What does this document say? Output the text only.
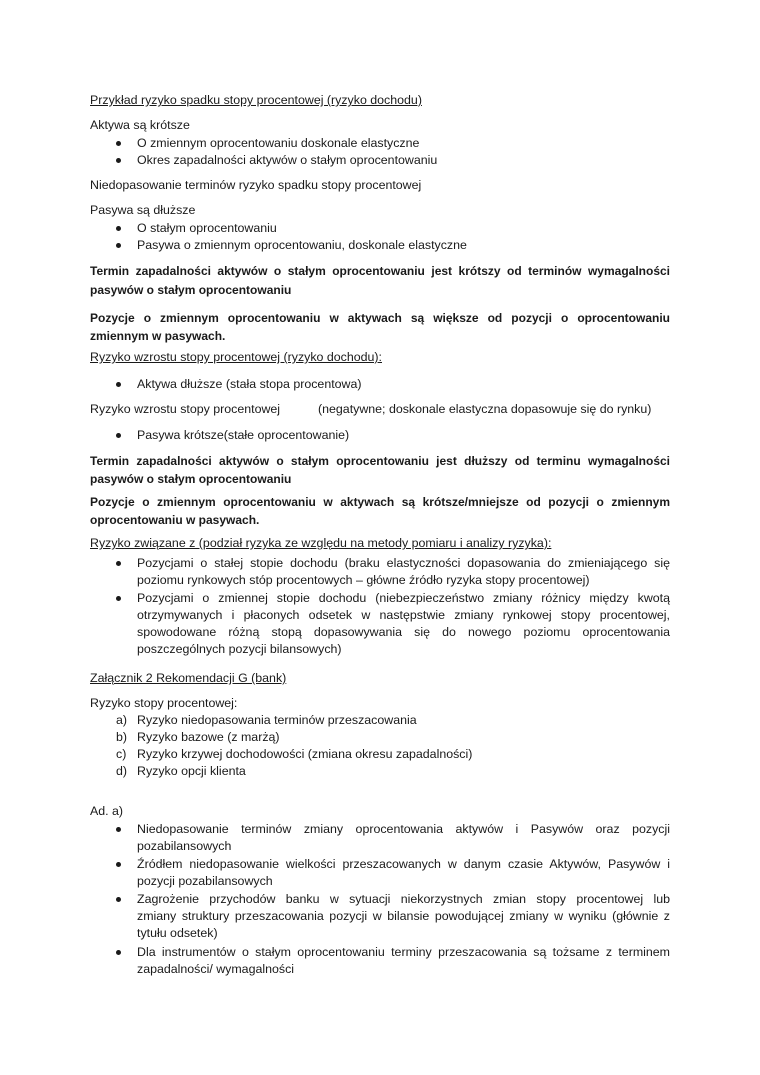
Przykład ryzyko spadku stopy procentowej (ryzyko dochodu)
Aktywa są krótsze
O zmiennym oprocentowaniu doskonale elastyczne
Okres zapadalności aktywów o stałym oprocentowaniu
Niedopasowanie terminów ryzyko spadku stopy procentowej
Pasywa są dłuższe
O stałym oprocentowaniu
Pasywa o zmiennym oprocentowaniu, doskonale elastyczne
Termin zapadalności aktywów o stałym oprocentowaniu jest krótszy od terminów wymagalności
pasywów o stałym oprocentowaniu
Pozycje o zmiennym oprocentowaniu w aktywach są większe od pozycji o oprocentowaniu
zmiennym w pasywach.
Ryzyko wzrostu stopy procentowej (ryzyko dochodu):
Aktywa dłuższe (stała stopa procentowa)
Ryzyko wzrostu stopy procentowej	(negatywne; doskonale elastyczna dopasowuje się do rynku)
Pasywa krótsze(stałe oprocentowanie)
Termin zapadalności aktywów o stałym oprocentowaniu jest dłuższy od terminu wymagalności
pasywów o stałym oprocentowaniu
Pozycje o zmiennym oprocentowaniu w aktywach są krótsze/mniejsze od pozycji o zmiennym
oprocentowaniu w pasywach.
Ryzyko związane z (podział ryzyka ze względu na metody pomiaru i analizy ryzyka):
Pozycjami o stałej stopie dochodu (braku elastyczności dopasowania do zmieniającego się
poziomu rynkowych stóp procentowych – główne źródło ryzyka stopy procentowej)
Pozycjami o zmiennej stopie dochodu (niebezpieczeństwo zmiany różnicy między kwotą
otrzymywanych i płaconych odsetek w następstwie zmiany rynkowej stopy procentowej,
spowodowane różną stopą dopasowywania się do nowego poziomu oprocentowania
poszczególnych pozycji bilansowych)
Załącznik 2 Rekomendacji G (bank)
Ryzyko stopy procentowej:
a) Ryzyko niedopasowania terminów przeszacowania
b) Ryzyko bazowe (z marżą)
c) Ryzyko krzywej dochodowości (zmiana okresu zapadalności)
d) Ryzyko opcji klienta
Ad. a)
Niedopasowanie terminów zmiany oprocentowania aktywów i Pasywów oraz pozycji
pozabilansowych
Źródłem niedopasowanie wielkości przeszacowanych w danym czasie Aktywów, Pasywów i
pozycji pozabilansowych
Zagrożenie przychodów banku w sytuacji niekorzystnych zmian stopy procentowej lub
zmiany struktury przeszacowania pozycji w bilansie powodującej zmiany w wyniku (głównie z
tytułu odsetek)
Dla instrumentów o stałym oprocentowaniu terminy przeszacowania są tożsame z terminem
zapadalności/ wymagalności
